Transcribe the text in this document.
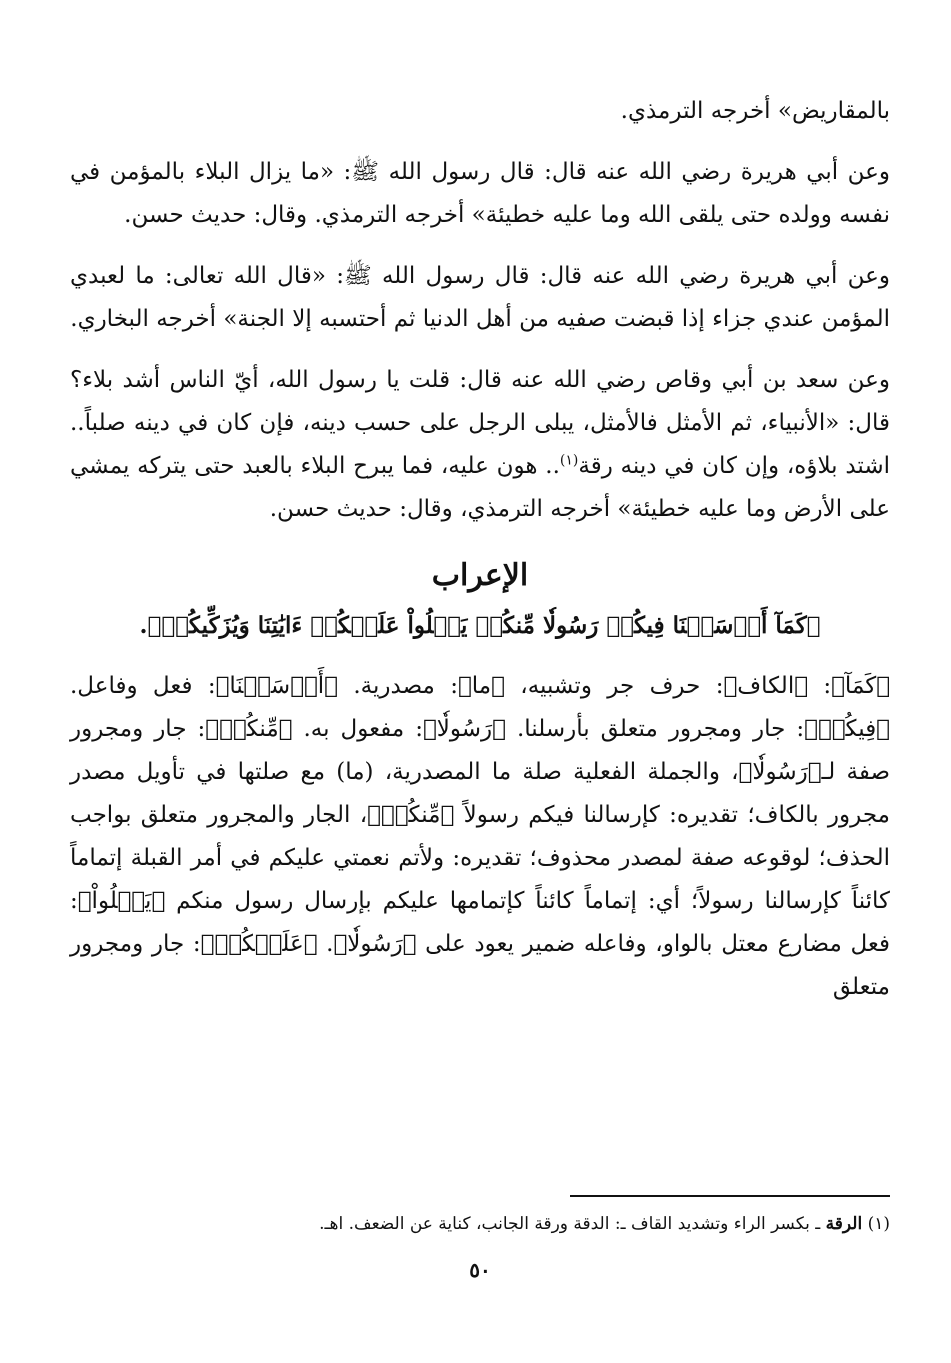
بالمقاريض» أخرجه الترمذي.

وعن أبي هريرة رضي الله عنه قال: قال رسول الله ﷺ: «ما يزال البلاء بالمؤمن في نفسه وولده حتى يلقى الله وما عليه خطيئة» أخرجه الترمذي. وقال: حديث حسن.

وعن أبي هريرة رضي الله عنه قال: قال رسول الله ﷺ: «قال الله تعالى: ما لعبدي المؤمن عندي جزاء إذا قبضت صفيه من أهل الدنيا ثم أحتسبه إلا الجنة» أخرجه البخاري.

وعن سعد بن أبي وقاص رضي الله عنه قال: قلت يا رسول الله، أيّ الناس أشد بلاء؟ قال: «الأنبياء، ثم الأمثل فالأمثل، يبلى الرجل على حسب دينه، فإن كان في دينه صلباً.. اشتد بلاؤه، وإن كان في دينه رقة$^{(١)}$.. هون عليه، فما يبرح البلاء بالعبد حتى يتركه يمشي على الأرض وما عليه خطيئة» أخرجه الترمذي، وقال: حديث حسن.

الإعراب
﴿كَمَآ أَرۡسَلۡنَا فِيكُمۡ رَسُولٗا مِّنكُمۡ يَتۡلُواْ عَلَيۡكُمۡ ءَايَٰتِنَا وَيُزَكِّيكُمۡ﴾.

﴿كَمَآ﴾: ﴿الكاف﴾: حرف جر وتشبيه، ﴿ما﴾: مصدرية. ﴿أَرۡسَلۡنَا﴾: فعل وفاعل. ﴿فِيكُمۡ﴾: جار ومجرور متعلق بأرسلنا. ﴿رَسُولٗا﴾: مفعول به. ﴿مِّنكُمۡ﴾: جار ومجرور صفة لـ﴿رَسُولٗا﴾، والجملة الفعلية صلة ما المصدرية، (ما) مع صلتها في تأويل مصدر مجرور بالكاف؛ تقديره: كإرسالنا فيكم رسولاً ﴿مِّنكُمۡ﴾، الجار والمجرور متعلق بواجب الحذف؛ لوقوعه صفة لمصدر محذوف؛ تقديره: ولأتم نعمتي عليكم في أمر القبلة إتماماً كائناً كإرسالنا رسولاً؛ أي: إتماماً كائناً كإتمامها عليكم بإرسال رسول منكم ﴿يَتۡلُواْ﴾: فعل مضارع معتل بالواو، وفاعله ضمير يعود على ﴿رَسُولٗا﴾. ﴿عَلَيۡكُمۡ﴾: جار ومجرور متعلق

(١) الرقة ـ بكسر الراء وتشديد القاف ـ: الدقة ورقة الجانب، كناية عن الضعف. اهـ.
٥٠
